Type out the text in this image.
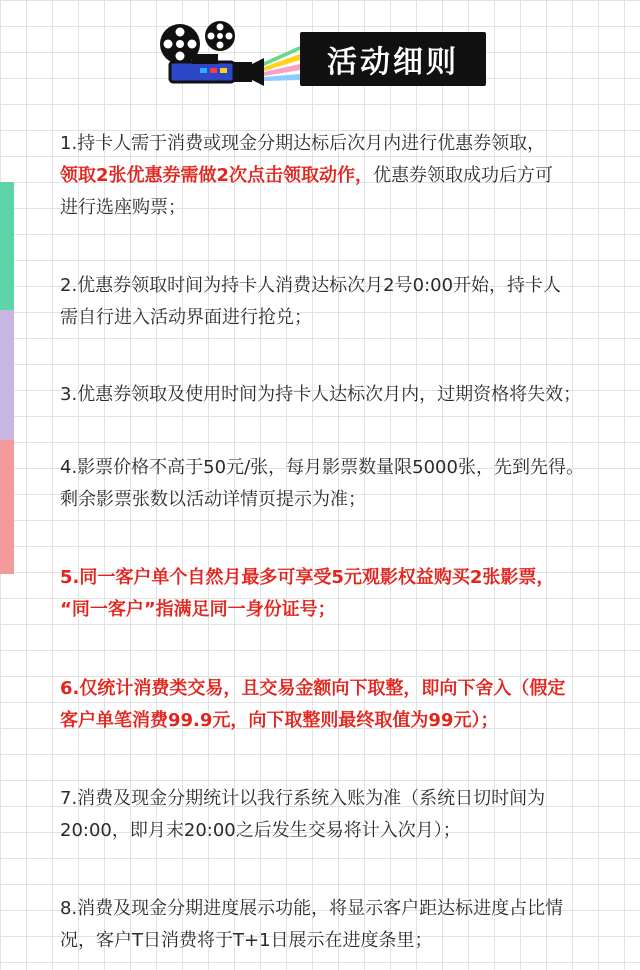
活动细则

1.持卡人需于消费或现金分期达标后次月内进行优惠券领取，

领取2张优惠券需做2次点击领取动作，优惠券领取成功后方可

进行选座购票；

2.优惠券领取时间为持卡人消费达标次月2号0:00开始，持卡人

需自行进入活动界面进行抢兑；

3.优惠券领取及使用时间为持卡人达标次月内，过期资格将失效；

4.影票价格不高于50元/张，每月影票数量限5000张，先到先得。

剩余影票张数以活动详情页提示为准；

5.同一客户单个自然月最多可享受5元观影权益购买2张影票，

“同一客户”指满足同一身份证号；

6.仅统计消费类交易，且交易金额向下取整，即向下舍入（假定

客户单笔消费99.9元，向下取整则最终取值为99元）；

7.消费及现金分期统计以我行系统入账为准（系统日切时间为

20:00，即月末20:00之后发生交易将计入次月）；

8.消费及现金分期进度展示功能，将显示客户距达标进度占比情

况，客户T日消费将于T+1日展示在进度条里；
